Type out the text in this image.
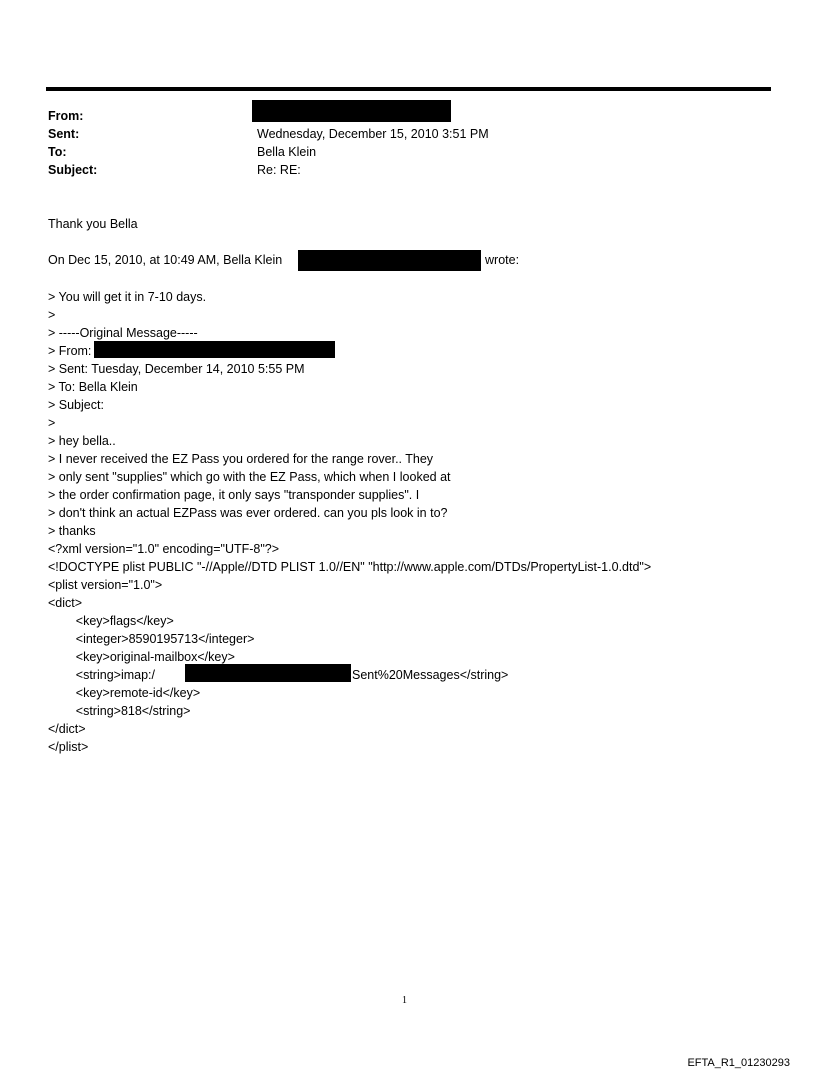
From:
Sent:	Wednesday, December 15, 2010 3:51 PM
To:	Bella Klein
Subject:	Re: RE:
Thank you Bella
On Dec 15, 2010, at 10:49 AM, Bella Klein	wrote:
> You will get it in 7-10 days.
>
> -----Original Message-----
> From:
> Sent: Tuesday, December 14, 2010 5:55 PM
> To: Bella Klein
> Subject:
>
> hey bella..
> I never received the EZ Pass you ordered for the range rover.. They
> only sent "supplies" which go with the EZ Pass, which when I looked at
> the order confirmation page, it only says "transponder supplies". I
> don't think an actual EZPass was ever ordered. can you pls look in to?
> thanks
<?xml version="1.0" encoding="UTF-8"?>
<!DOCTYPE plist PUBLIC "-//Apple//DTD PLIST 1.0//EN" "http://www.apple.com/DTDs/PropertyList-1.0.dtd">
<plist version="1.0">
<dict>
<key>flags</key>
<integer>8590195713</integer>
<key>original-mailbox</key>
<string>imap:/	Sent%20Messages</string>
<key>remote-id</key>
<string>818</string>
</dict>
</plist>
1
EFTA_R1_01230293
